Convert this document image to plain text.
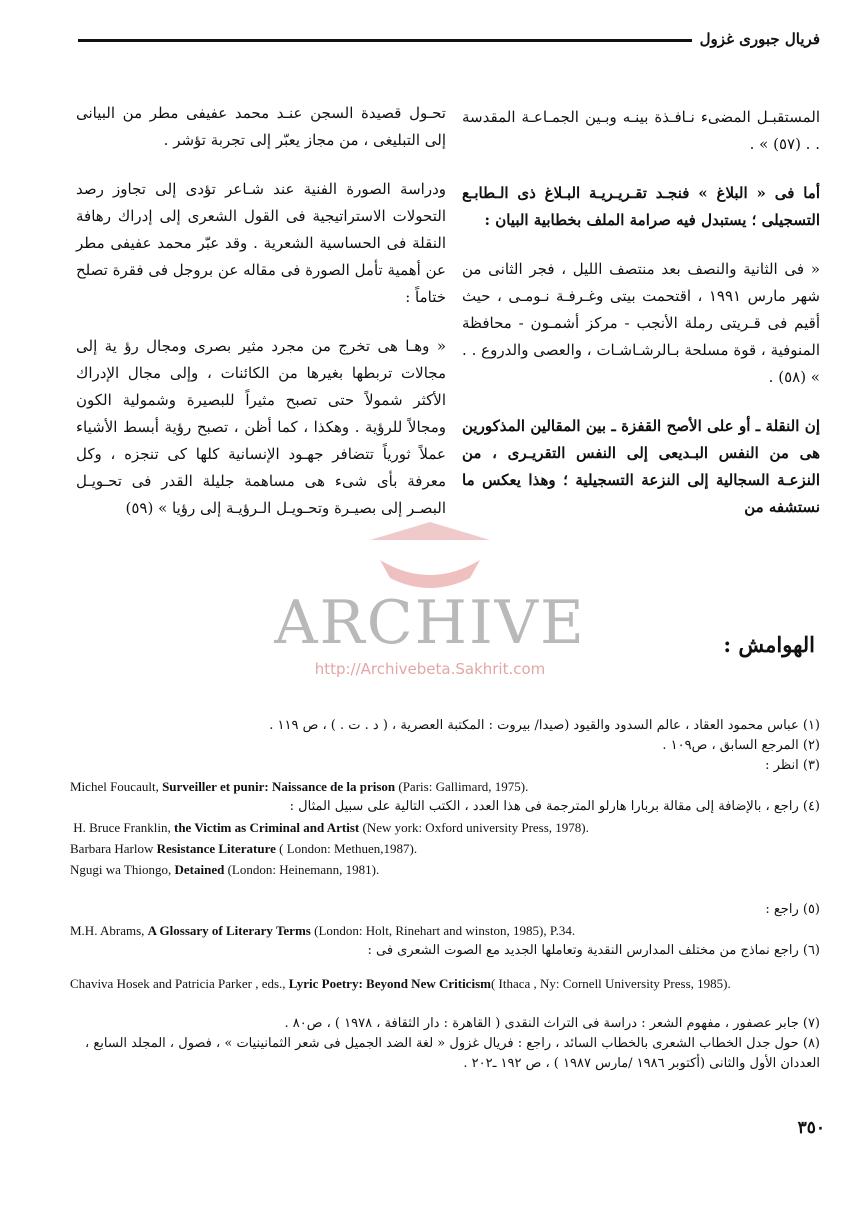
فريال جبورى غزول

المستقبـل المضىء نـافـذة بينـه وبـين الجمـاعـة المقدسة . . (٥٧) » .

أما فى « البلاغ » فنجـد تقـريـريـة البـلاغ ذى الـطابـع التسجيلى ؛ يستبدل فيه صرامة الملف بخطابية البيان :

« فى الثانية والنصف بعد منتصف الليل ، فجر الثانى من شهر مارس ١٩٩١ ، اقتحمت بيتى وغـرفـة نـومـى ، حيث أقيم فى قـريتى رملة الأنجب - مركز أشمـون - محافظة المنوفية ، قوة مسلحة بـالرشـاشـات ، والعصى والدروع . . » (٥٨) .

إن النقلة ـ أو على الأصح القفزة ـ بين المقالين المذكورين هى من النفس البـديعى إلى النفس التقريـرى ، من النزعـة السجالية إلى النزعة التسجيلية ؛ وهذا يعكس ما نستشفه من

تحـول قصيدة السجن عنـد محمد عفيفى مطر من البيانى إلى التبليغى ، من مجاز يعبّر إلى تجربة تؤشر .

ودراسة الصورة الفنية عند شـاعر تؤدى إلى تجاوز رصد التحولات الاستراتيجية فى القول الشعرى إلى إدراك رهافة النقلة فى الحساسية الشعرية . وقد عبّر محمد عفيفى مطر عن أهمية تأمل الصورة فى مقاله عن بروجل فى فقرة تصلح ختاماً :

« وهـا هى تخرج من مجرد مثير بصرى ومجال رؤ ية إلى مجالات تربطها بغيرها من الكائنات ، وإلى مجال الإدراك الأكثر شمولاً حتى تصبح مثيراً للبصيرة وشمولية الكون ومجالاً للرؤية . وهكذا ، كما أظن ، تصبح رؤية أبسط الأشياء عملاً ثورياً تتضافر جهـود الإنسانية كلها كى تنجزه ، وكل معرفة بأى شىء هى مساهمة جليلة القدر فى تحـويـل البصـر إلى بصيـرة وتحـويـل الـرؤيـة إلى رؤيا » (٥٩)

ARCHIVE
http://Archivebeta.Sakhrit.com
الهوامش :
(١) عباس محمود العقاد ، عالم السدود والقيود (صيدا/ بيروت : المكتبة العصرية ، ( د . ت . ) ، ص ١١٩ .
(٢) المرجع السابق ، ص١٠٩ .
(٣) انظر :
Michel Foucault, Surveiller et punir: Naissance de la prison (Paris: Gallimard, 1975).
(٤) راجع ، بالإضافة إلى مقالة بربارا هارلو المترجمة فى هذا العدد ، الكتب التالية على سبيل المثال :
H. Bruce Franklin, the Victim as Criminal and Artist (New york: Oxford university Press, 1978).
Barbara Harlow Resistance Literature ( London: Methuen,1987).
Ngugi wa Thiongo, Detained (London: Heinemann, 1981).
(٥) راجع :
M.H. Abrams, A Glossary of Literary Terms (London: Holt, Rinehart and winston, 1985), P.34.
(٦) راجع نماذج من مختلف المدارس النقدية وتعاملها الجديد مع الصوت الشعرى فى :
Chaviva Hosek and Patricia Parker , eds., Lyric Poetry: Beyond New Criticism( Ithaca , Ny: Cornell University Press, 1985).
(٧) جابر عصفور ، مفهوم الشعر : دراسة فى التراث النقدى ( القاهرة : دار الثقافة ، ١٩٧٨ ) ، ص٨٠ .
(٨) حول جدل الخطاب الشعرى بالخطاب السائد ، راجع : فريال غزول « لغة الضد الجميل فى شعر الثمانينيات » ، فصول ، المجلد السابع ، العددان الأول والثانى (أكتوبر ١٩٨٦ /مارس ١٩٨٧ ) ، ص ١٩٢ ـ٢٠٢ .
٣٥٠
